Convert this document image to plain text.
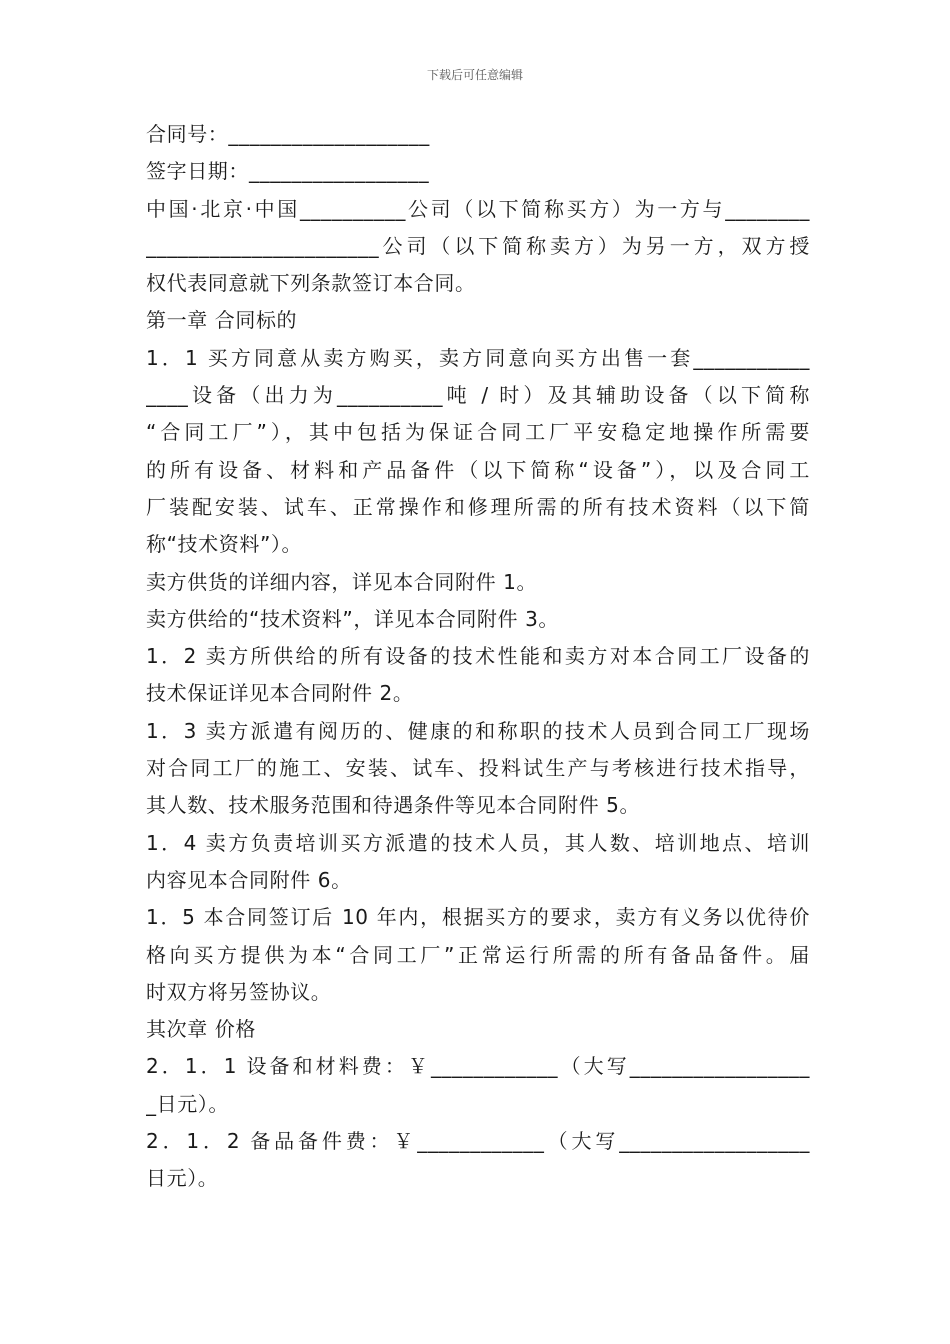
下载后可任意编辑
合同号：___________________
签字日期：_________________
中国·北京·中国__________公司（以下简称买方）为一方与________
______________________公司（以下简称卖方）为另一方，双方授
权代表同意就下列条款签订本合同。
第一章 合同标的
1．1 买方同意从卖方购买，卖方同意向买方出售一套___________
____设备（出力为__________吨 / 时）及其辅助设备（以下简称
“合同工厂”），其中包括为保证合同工厂平安稳定地操作所需要
的所有设备、材料和产品备件（以下简称“设备”），以及合同工
厂装配安装、试车、正常操作和修理所需的所有技术资料（以下简
称“技术资料”）。
卖方供货的详细内容，详见本合同附件 1。
卖方供给的“技术资料”，详见本合同附件 3。
1．2 卖方所供给的所有设备的技术性能和卖方对本合同工厂设备的
技术保证详见本合同附件 2。
1．3 卖方派遣有阅历的、健康的和称职的技术人员到合同工厂现场
对合同工厂的施工、安装、试车、投料试生产与考核进行技术指导，
其人数、技术服务范围和待遇条件等见本合同附件 5。
1．4 卖方负责培训买方派遣的技术人员，其人数、培训地点、培训
内容见本合同附件 6。
1．5 本合同签订后 10 年内，根据买方的要求，卖方有义务以优待价
格向买方提供为本“合同工厂”正常运行所需的所有备品备件。届
时双方将另签协议。
其次章 价格
2．1．1 设备和材料费：￥____________（大写_________________
_日元）。
2．1．2 备品备件费：￥____________（大写__________________
日元）。
